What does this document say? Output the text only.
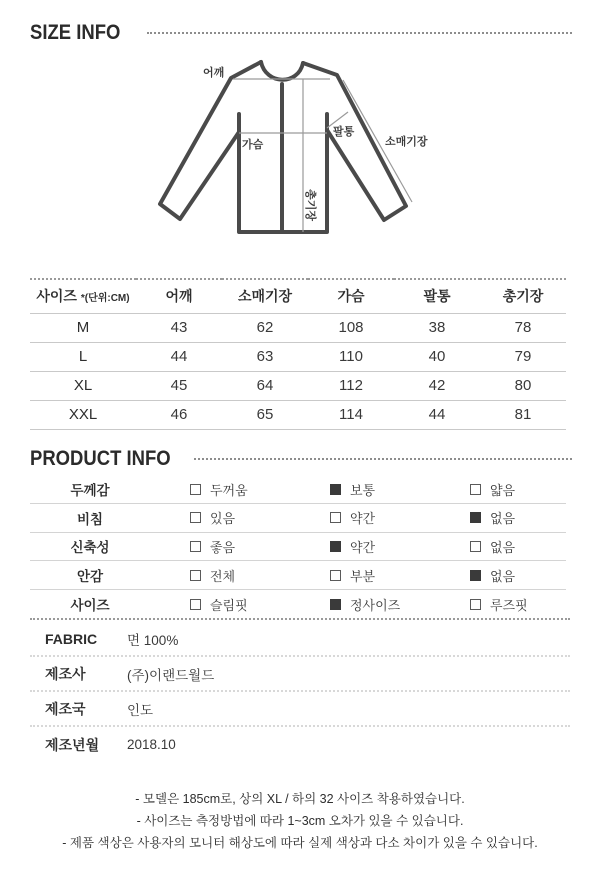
SIZE INFO
어깨
가슴
팔통
소매기장
총기장
사이즈 *(단위:CM)	어깨	소매기장	가슴	팔통	총기장
M	43	62	108	38	78
L	44	63	110	40	79
XL	45	64	112	42	80
XXL	46	65	114	44	81
PRODUCT INFO
두께감	두꺼움	보통	얇음
비침	있음	약간	없음
신축성	좋음	약간	없음
안감	전체	부분	없음
사이즈	슬림핏	정사이즈	루즈핏
FABRIC	면 100%
제조사	(주)이랜드월드
제조국	인도
제조년월	2018.10
- 모델은 185cm로, 상의 XL / 하의 32 사이즈 착용하였습니다.
- 사이즈는 측정방법에 따라 1~3cm 오차가 있을 수 있습니다.
- 제품 색상은 사용자의 모니터 해상도에 따라 실제 색상과 다소 차이가 있을 수 있습니다.
